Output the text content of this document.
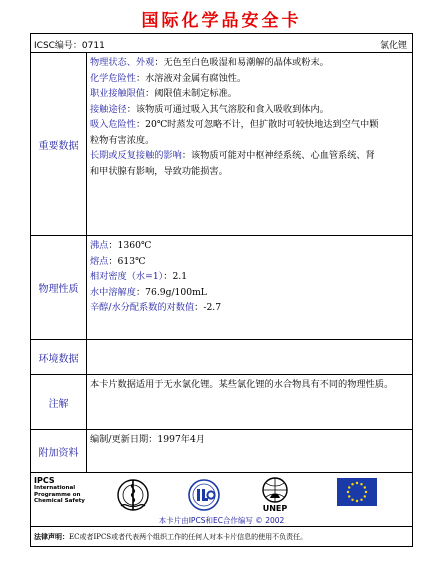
国际化学品安全卡
ICSC编号：0711	氯化锂
重要数据
物理状态、外观：无色至白色吸湿和易潮解的晶体或粉末。
化学危险性：水溶液对金属有腐蚀性。
职业接触限值：阈限值未制定标准。
接触途径：该物质可通过吸入其气溶胶和食入吸收到体内。
吸入危险性：20℃时蒸发可忽略不计，但扩散时可较快地达到空气中颗
粒物有害浓度。
长期或反复接触的影响：该物质可能对中枢神经系统、心血管系统、肾
和甲状腺有影响，导致功能损害。
物理性质
沸点：1360℃
熔点：613℃
相对密度（水=1）：2.1
水中溶解度：76.9g/100mL
辛醇/水分配系数的对数值：-2.7
环境数据
注解
本卡片数据适用于无水氯化锂。某些氯化锂的水合物具有不同的物理性质。
附加资料
编制/更新日期：1997年4月
IPCS
International
Programme on
Chemical Safety
UNEP
本卡片由IPCS和EC合作编写 © 2002
法律声明：EC或者IPCS或者代表两个组织工作的任何人对本卡片信息的使用不负责任。
